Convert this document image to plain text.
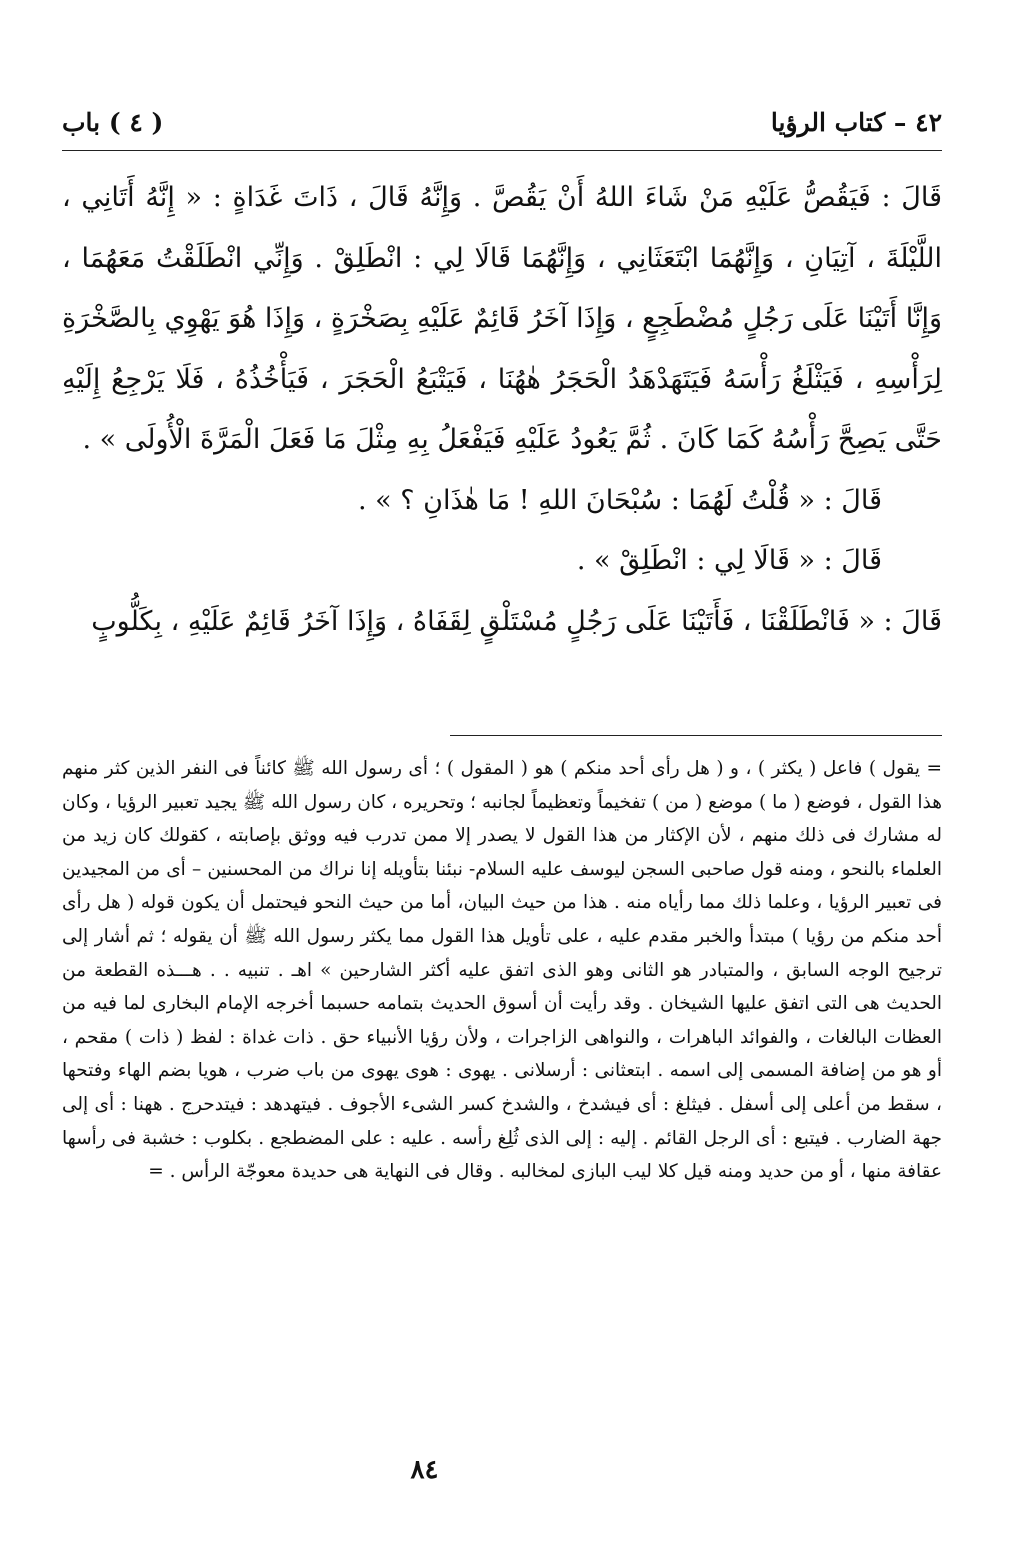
٤٢ – كتاب الرؤيا
( ٤ ) باب

قَالَ : فَيَقُصُّ عَلَيْهِ مَنْ شَاءَ اللهُ أَنْ يَقُصَّ . وَإِنَّهُ قَالَ ، ذَاتَ غَدَاةٍ : « إِنَّهُ أَتَانِي ، اللَّيْلَةَ ، آتِيَانِ ، وَإِنَّهُمَا ابْتَعَثَانِي ، وَإِنَّهُمَا قَالَا لِي : انْطَلِقْ . وَإِنِّي انْطَلَقْتُ مَعَهُمَا ، وَإِنَّا أَتَيْنَا عَلَى رَجُلٍ مُضْطَجِعٍ ، وَإِذَا آخَرُ قَائِمٌ عَلَيْهِ بِصَخْرَةٍ ، وَإِذَا هُوَ يَهْوِي بِالصَّخْرَةِ لِرَأْسِهِ ، فَيَثْلَغُ رَأْسَهُ فَيَتَهَدْهَدُ الْحَجَرُ هٰهُنَا ، فَيَتْبَعُ الْحَجَرَ ، فَيَأْخُذُهُ ، فَلَا يَرْجِعُ إِلَيْهِ حَتَّى يَصِحَّ رَأْسُهُ كَمَا كَانَ . ثُمَّ يَعُودُ عَلَيْهِ فَيَفْعَلُ بِهِ مِثْلَ مَا فَعَلَ الْمَرَّةَ الْأُولَى » .

قَالَ : « قُلْتُ لَهُمَا : سُبْحَانَ اللهِ ! مَا هٰذَانِ ؟ » .

قَالَ : « قَالَا لِي : انْطَلِقْ » .

قَالَ : « فَانْطَلَقْنَا ، فَأَتَيْنَا عَلَى رَجُلٍ مُسْتَلْقٍ لِقَفَاهُ ، وَإِذَا آخَرُ قَائِمٌ عَلَيْهِ ، بِكَلُّوبٍ

= يقول ) فاعل ( يكثر ) ، و ( هل رأى أحد منكم ) هو ( المقول ) ؛ أى رسول الله ﷺ كائناً فى النفر الذين كثر منهم هذا القول ، فوضع ( ما ) موضع ( من ) تفخيماً وتعظيماً لجانبه ؛ وتحريره ، كان رسول الله ﷺ يجيد تعبير الرؤيا ، وكان له مشارك فى ذلك منهم ، لأن الإكثار من هذا القول لا يصدر إلا ممن تدرب فيه ووثق بإصابته ، كقولك كان زيد من العلماء بالنحو ، ومنه قول صاحبى السجن ليوسف عليه السلام- نبئنا بتأويله إنا نراك من المحسنين – أى من المجيدين فى تعبير الرؤيا ، وعلما ذلك مما رأياه منه . هذا من حيث البيان، أما من حيث النحو فيحتمل أن يكون قوله ( هل رأى أحد منكم من رؤيا ) مبتدأ والخبر مقدم عليه ، على تأويل هذا القول مما يكثر رسول الله ﷺ أن يقوله ؛ ثم أشار إلى ترجيح الوجه السابق ، والمتبادر هو الثانى وهو الذى اتفق عليه أكثر الشارحين » اهـ . تنبيه . . هـــذه القطعة من الحديث هى التى اتفق عليها الشيخان . وقد رأيت أن أسوق الحديث بتمامه حسبما أخرجه الإمام البخارى لما فيه من العظات البالغات ، والفوائد الباهرات ، والنواهى الزاجرات ، ولأن رؤيا الأنبياء حق . ذات غداة : لفظ ( ذات ) مقحم ، أو هو من إضافة المسمى إلى اسمه . ابتعثانى : أرسلانى . يهوى : هوى يهوى من باب ضرب ، هويا بضم الهاء وفتحها ، سقط من أعلى إلى أسفل . فيثلغ : أى فيشدخ ، والشدخ كسر الشىء الأجوف . فيتهدهد : فيتدحرج . ههنا : أى إلى جهة الضارب . فيتبع : أى الرجل القائم . إليه : إلى الذى ثُلِغ رأسه . عليه : على المضطجع . بكلوب : خشبة فى رأسها عقافة منها ، أو من حديد ومنه قيل كلا ليب البازى لمخالبه . وقال فى النهاية هى حديدة معوجّة الرأس . =

٨٤
